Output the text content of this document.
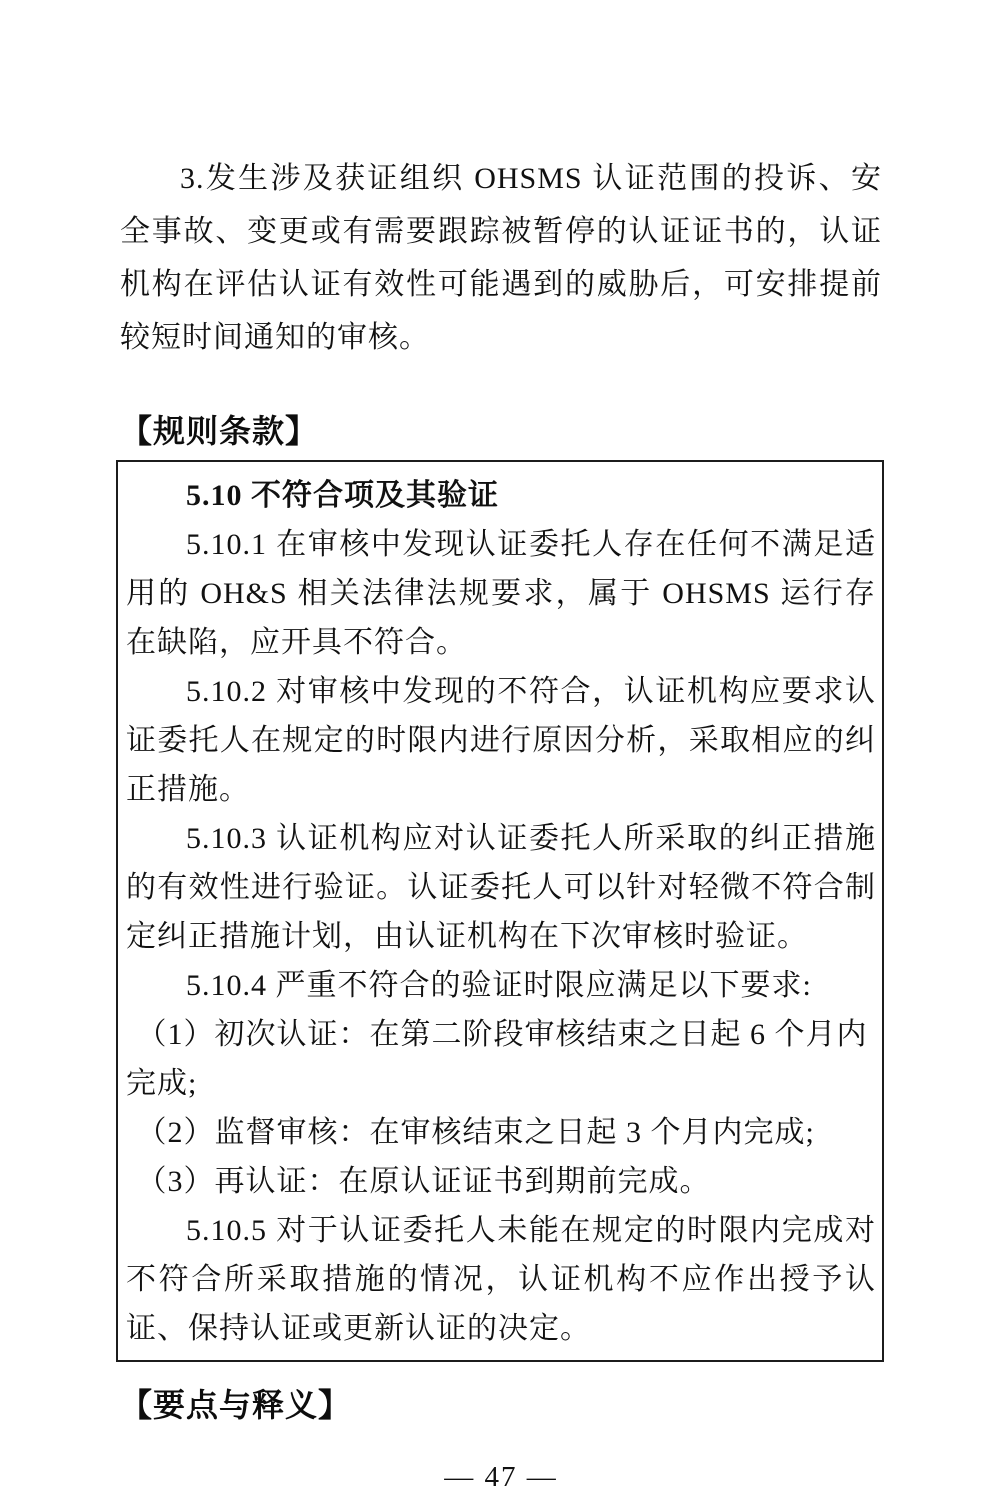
3.发生涉及获证组织 OHSMS 认证范围的投诉、安全事故、变更或有需要跟踪被暂停的认证证书的，认证机构在评估认证有效性可能遇到的威胁后，可安排提前较短时间通知的审核。

【规则条款】

5.10 不符合项及其验证

5.10.1 在审核中发现认证委托人存在任何不满足适用的 OH&S 相关法律法规要求，属于 OHSMS 运行存在缺陷，应开具不符合。

5.10.2 对审核中发现的不符合，认证机构应要求认证委托人在规定的时限内进行原因分析，采取相应的纠正措施。

5.10.3 认证机构应对认证委托人所采取的纠正措施的有效性进行验证。认证委托人可以针对轻微不符合制定纠正措施计划，由认证机构在下次审核时验证。

5.10.4 严重不符合的验证时限应满足以下要求:

（1）初次认证：在第二阶段审核结束之日起 6 个月内完成;

（2）监督审核：在审核结束之日起 3 个月内完成;

（3）再认证：在原认证证书到期前完成。

5.10.5 对于认证委托人未能在规定的时限内完成对不符合所采取措施的情况，认证机构不应作出授予认证、保持认证或更新认证的决定。

【要点与释义】
— 47 —
